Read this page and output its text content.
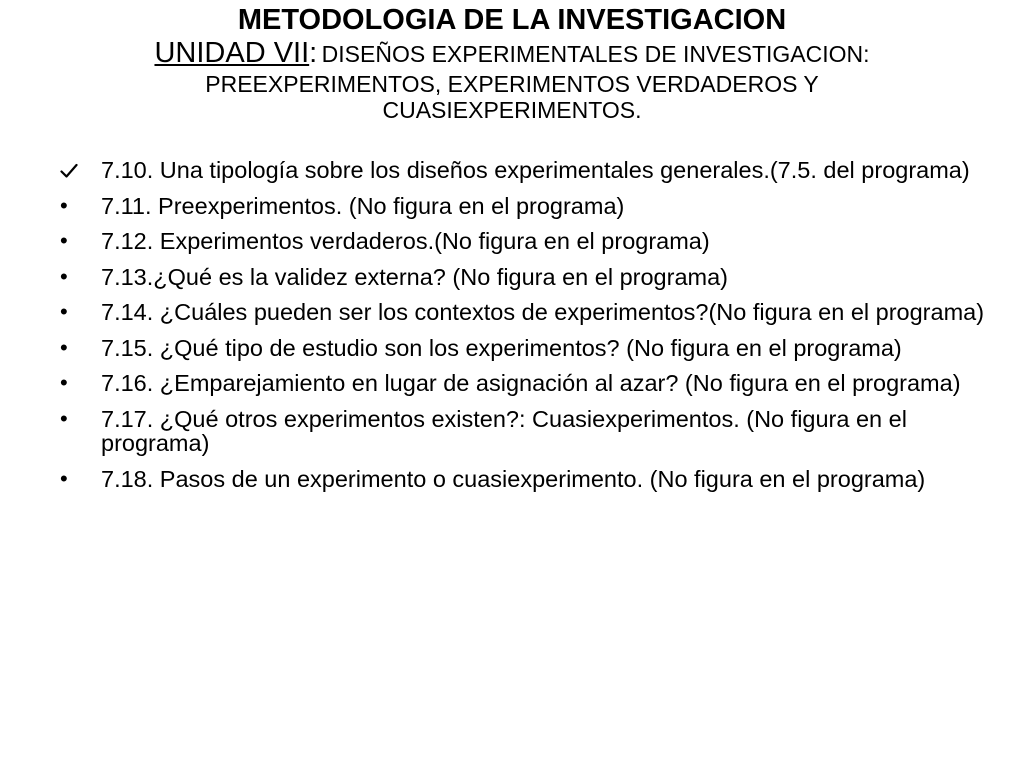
METODOLOGIA DE LA INVESTIGACION
UNIDAD VII: DISEÑOS EXPERIMENTALES DE INVESTIGACION:
PREEXPERIMENTOS, EXPERIMENTOS VERDADEROS Y
CUASIEXPERIMENTOS.
7.10. Una tipología sobre los diseños experimentales generales.(7.5. del programa)
•	7.11. Preexperimentos. (No figura en el programa)
•	7.12. Experimentos verdaderos.(No figura en el programa)
•	7.13.¿Qué es la validez externa? (No figura en el programa)
•	7.14. ¿Cuáles pueden ser los contextos de experimentos?(No figura en el programa)
•	7.15. ¿Qué tipo de estudio son los experimentos? (No figura en el programa)
•	7.16. ¿Emparejamiento en lugar de asignación al azar? (No figura en el programa)
•	7.17. ¿Qué otros experimentos existen?: Cuasiexperimentos. (No figura en el programa)
•	7.18. Pasos de un experimento o cuasiexperimento. (No figura en el programa)
